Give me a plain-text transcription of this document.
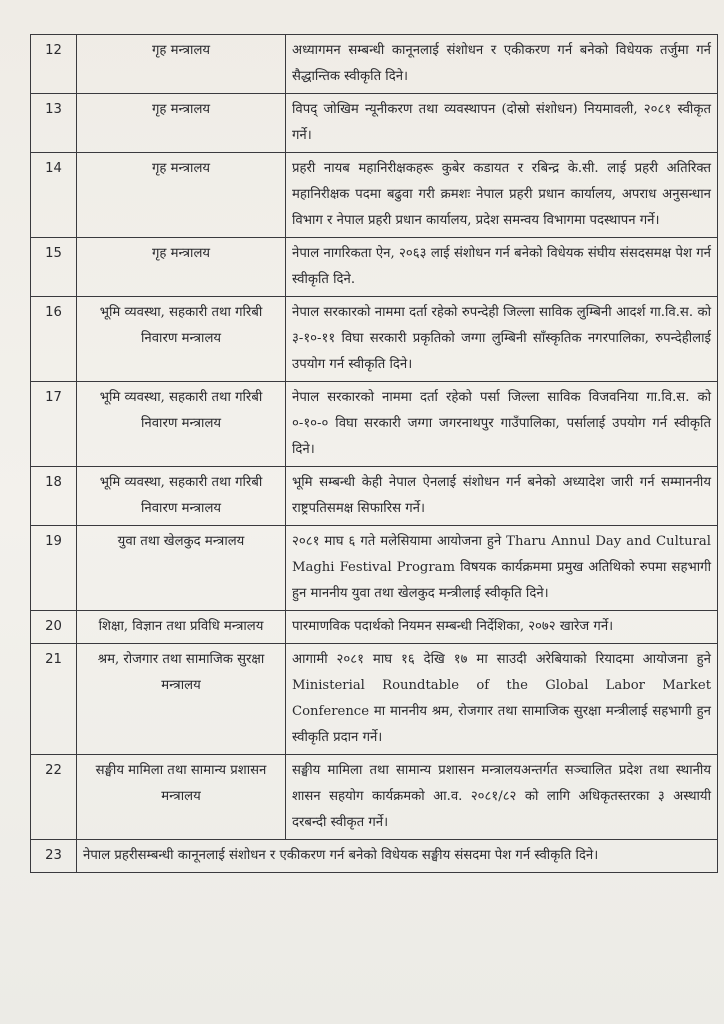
12	गृह मन्त्रालय	अध्यागमन सम्बन्धी कानूनलाई संशोधन र एकीकरण गर्न बनेको विधेयक तर्जुमा गर्न सैद्धान्तिक स्वीकृति दिने।
13	गृह मन्त्रालय	विपद् जोखिम न्यूनीकरण तथा व्यवस्थापन (दोस्रो संशोधन) नियमावली, २०८१ स्वीकृत गर्ने।
14	गृह मन्त्रालय	प्रहरी नायब महानिरीक्षकहरू कुबेर कडायत र रबिन्द्र के.सी. लाई प्रहरी अतिरिक्त महानिरीक्षक पदमा बढुवा गरी क्रमशः नेपाल प्रहरी प्रधान कार्यालय, अपराध अनुसन्धान विभाग र नेपाल प्रहरी प्रधान कार्यालय, प्रदेश समन्वय विभागमा पदस्थापन गर्ने।
15	गृह मन्त्रालय	नेपाल नागरिकता ऐन, २०६३ लाई संशोधन गर्न बनेको विधेयक संघीय संसदसमक्ष पेश गर्न स्वीकृति दिने.
16	भूमि व्यवस्था, सहकारी तथा गरिबी निवारण मन्त्रालय	नेपाल सरकारको नाममा दर्ता रहेको रुपन्देही जिल्ला साविक लुम्बिनी आदर्श गा.वि.स. को ३-१०-११ विघा सरकारी प्रकृतिको जग्गा लुम्बिनी साँस्कृतिक नगरपालिका, रुपन्देहीलाई उपयोग गर्न स्वीकृति दिने।
17	भूमि व्यवस्था, सहकारी तथा गरिबी निवारण मन्त्रालय	नेपाल सरकारको नाममा दर्ता रहेको पर्सा जिल्ला साविक विजवनिया गा.वि.स. को ०-१०-० विघा सरकारी जग्गा जगरनाथपुर गाउँपालिका, पर्सालाई उपयोग गर्न स्वीकृति दिने।
18	भूमि व्यवस्था, सहकारी तथा गरिबी निवारण मन्त्रालय	भूमि सम्बन्धी केही नेपाल ऐनलाई संशोधन गर्न बनेको अध्यादेश जारी गर्न सम्माननीय राष्ट्रपतिसमक्ष सिफारिस गर्ने।
19	युवा तथा खेलकुद मन्त्रालय	२०८१ माघ ६ गते मलेसियामा आयोजना हुने Tharu Annul Day and Cultural Maghi Festival Program विषयक कार्यक्रममा प्रमुख अतिथिको रुपमा सहभागी हुन माननीय युवा तथा खेलकुद मन्त्रीलाई स्वीकृति दिने।
20	शिक्षा, विज्ञान तथा प्रविधि मन्त्रालय	पारमाणविक पदार्थको नियमन सम्बन्धी निर्देशिका, २०७२ खारेज गर्ने।
21	श्रम, रोजगार तथा सामाजिक सुरक्षा मन्त्रालय	आगामी २०८१ माघ १६ देखि १७ मा साउदी अरेबियाको रियादमा आयोजना हुने Ministerial Roundtable of the Global Labor Market Conference मा माननीय श्रम, रोजगार तथा सामाजिक सुरक्षा मन्त्रीलाई सहभागी हुन स्वीकृति प्रदान गर्ने।
22	सङ्घीय मामिला तथा सामान्य प्रशासन मन्त्रालय	सङ्घीय मामिला तथा सामान्य प्रशासन मन्त्रालयअन्तर्गत सञ्चालित प्रदेश तथा स्थानीय शासन सहयोग कार्यक्रमको आ.व. २०८१/८२ को लागि अधिकृतस्तरका ३ अस्थायी दरबन्दी स्वीकृत गर्ने।
23	नेपाल प्रहरीसम्बन्धी कानूनलाई संशोधन र एकीकरण गर्न बनेको विधेयक सङ्घीय संसदमा पेश गर्न स्वीकृति दिने।	
